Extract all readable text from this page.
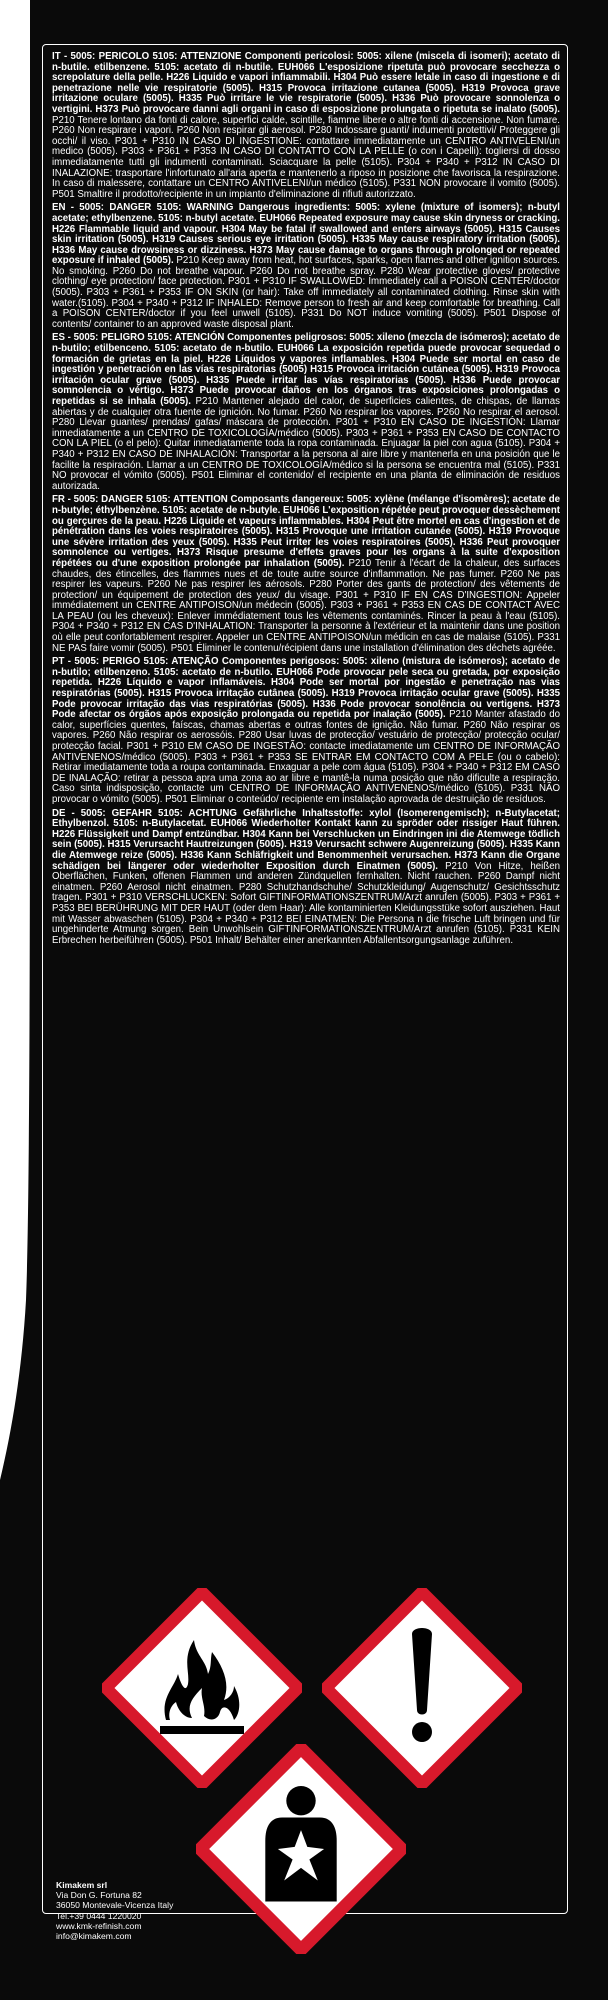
IT - 5005: PERICOLO 5105: ATTENZIONE Componenti pericolosi: 5005: xilene (miscela di isomeri); acetato di n-butile. etilbenzene. 5105: acetato di n-butile. EUH066 L'esposizione ripetuta può provocare secchezza o screpolature della pelle. H226 Liquido e vapori infiammabili. H304 Può essere letale in caso di ingestione e di penetrazione nelle vie respiratorie (5005). H315 Provoca irritazione cutanea (5005). H319 Provoca grave irritazione oculare (5005). H335 Può irritare le vie respiratorie (5005). H336 Può provocare sonnolenza o vertigini. H373 Può provocare danni agli organi in caso di esposizione prolungata o ripetuta se inalato (5005). P210 Tenere lontano da fonti di calore, superfici calde, scintille, fiamme libere o altre fonti di accensione. Non fumare. P260 Non respirare i vapori. P260 Non respirar gli aerosol. P280 Indossare guanti/ indumenti protettivi/ Proteggere gli occhi/ il viso. P301 + P310 IN CASO DI INGESTIONE: contattare immediatamente un CENTRO ANTIVELENI/un medico (5005). P303 + P361 + P353 IN CASO DI CONTATTO CON LA PELLE (o con i Capelli): togliersi di dosso immediatamente tutti gli indumenti contaminati. Sciacquare la pelle (5105). P304 + P340 + P312 IN CASO DI INALAZIONE: trasportare l'infortunato all'aria aperta e mantenerlo a riposo in posizione che favorisca la respirazione. In caso di malessere, contattare un CENTRO ANTIVELENI/un médico (5105). P331 NON provocare il vomito (5005). P501 Smaltire il prodotto/recipiente in un impianto d'eliminazione di rifiuti autorizzato.

EN - 5005: DANGER 5105: WARNING Dangerous ingredients: 5005: xylene (mixture of isomers); n-butyl acetate; ethylbenzene. 5105: n-butyl acetate. EUH066 Repeated exposure may cause skin dryness or cracking. H226 Flammable liquid and vapour. H304 May be fatal if swallowed and enters airways (5005). H315 Causes skin irritation (5005). H319 Causes serious eye irritation (5005). H335 May cause respiratory irritation (5005). H336 May cause drowsiness or dizziness. H373 May cause damage to organs through prolonged or repeated exposure if inhaled (5005). P210 Keep away from heat, hot surfaces, sparks, open flames and other ignition sources. No smoking. P260 Do not breathe vapour. P260 Do not breathe spray. P280 Wear protective gloves/ protective clothing/ eye protection/ face protection. P301 + P310 IF SWALLOWED: Immediately call a POISON CENTER/doctor (5005). P303 + P361 + P353 IF ON SKIN (or hair): Take off immediately all contaminated clothing. Rinse skin with water.(5105). P304 + P340 + P312 IF INHALED: Remove person to fresh air and keep comfortable for breathing. Call a POISON CENTER/doctor if you feel unwell (5105). P331 Do NOT induce vomiting (5005). P501 Dispose of contents/ container to an approved waste disposal plant.

ES - 5005: PELIGRO 5105: ATENCIÓN Componentes peligrosos: 5005: xileno (mezcla de isómeros); acetato de n-butilo; etilbenceno. 5105: acetato de n-butilo. EUH066 La exposición repetida puede provocar sequedad o formación de grietas en la piel. H226 Líquidos y vapores inflamables. H304 Puede ser mortal en caso de ingestión y penetración en las vías respiratorias (5005) H315 Provoca irritación cutánea (5005). H319 Provoca irritación ocular grave (5005). H335 Puede irritar las vías respiratorias (5005). H336 Puede provocar somnolencia o vértigo. H373 Puede provocar daños en los órganos tras exposiciones prolongadas o repetidas si se inhala (5005). P210 Mantener alejado del calor, de superficies calientes, de chispas, de llamas abiertas y de cualquier otra fuente de ignición. No fumar. P260 No respirar los vapores. P260 No respirar el aerosol. P280 Llevar guantes/ prendas/ gafas/ máscara de protección. P301 + P310 EN CASO DE INGESTIÓN: Llamar inmediatamente a un CENTRO DE TOXICOLOGÍA/médico (5005). P303 + P361 + P353 EN CASO DE CONTACTO CON LA PIEL (o el pelo): Quitar inmediatamente toda la ropa contaminada. Enjuagar la piel con agua (5105). P304 + P340 + P312 EN CASO DE INHALACIÓN: Transportar a la persona al aire libre y mantenerla en una posición que le facilite la respiración. Llamar a un CENTRO DE TOXICOLOGÍA/médico si la persona se encuentra mal (5105). P331 NO provocar el vómito (5005). P501 Eliminar el contenido/ el recipiente en una planta de eliminación de residuos autorizada.

FR - 5005: DANGER 5105: ATTENTION Composants dangereux: 5005: xylène (mélange d'isomères); acetate de n-butyle; éthylbenzène. 5105: acetate de n-butyle. EUH066 L'exposition répétée peut provoquer dessèchement ou gerçures de la peau. H226 Liquide et vapeurs inflammables. H304 Peut être mortel en cas d'ingestion et de pénétration dans les voies respiratoires (5005). H315 Provoque une irritation cutanée (5005). H319 Provoque une sévère irritation des yeux (5005). H335 Peut irriter les voies respiratoires (5005). H336 Peut provoquer somnolence ou vertiges. H373 Risque presume d'effets graves pour les organs à la suite d'exposition répétées ou d'une exposition prolongée par inhalation (5005). P210 Tenir à l'écart de la chaleur, des surfaces chaudes, des étincelles, des flammes nues et de toute autre source d'inflammation. Ne pas fumer. P260 Ne pas respirer les vapeurs. P260 Ne pas respirer les aérosols. P280 Porter des gants de protection/ des vêtements de protection/ un équipement de protection des yeux/ du visage. P301 + P310 IF EN CAS D'INGESTION: Appeler immédiatement un CENTRE ANTIPOISON/un médecin (5005). P303 + P361 + P353 EN CAS DE CONTACT AVEC LA PEAU (ou les cheveux): Enlever immédiatement tous les vêtements contaminés. Rincer la peau à l'eau (5105). P304 + P340 + P312 EN CAS D'INHALATION: Transporter la personne à l'extérieur et la maintenir dans une position où elle peut confortablement respirer. Appeler un CENTRE ANTIPOISON/un médicin en cas de malaise (5105). P331 NE PAS faire vomir (5005). P501 Éliminer le contenu/récipient dans une installation d'élimination des déchets agréée.

PT - 5005: PERIGO 5105: ATENÇÃO Componentes perigosos: 5005: xileno (mistura de isómeros); acetato de n-butilo; etilbenzeno. 5105: acetato de n-butilo. EUH066 Pode provocar pele seca ou gretada, por exposição repetida. H226 Líquido e vapor inflamáveis. H304 Pode ser mortal por ingestão e penetração nas vias respiratórias (5005). H315 Provoca irritação cutânea (5005). H319 Provoca irritação ocular grave (5005). H335 Pode provocar irritação das vias respiratórias (5005). H336 Pode provocar sonolência ou vertigens. H373 Pode afectar os órgãos após exposição prolongada ou repetida por inalação (5005). P210 Manter afastado do calor, superfícies quentes, faíscas, chamas abertas e outras fontes de ignição. Não fumar. P260 Não respirar os vapores. P260 Não respirar os aerossóis. P280 Usar luvas de protecção/ vestuário de protecção/ protecção ocular/ protecção facial. P301 + P310 EM CASO DE INGESTÃO: contacte imediatamente um CENTRO DE INFORMAÇÃO ANTIVENENOS/médico (5005). P303 + P361 + P353 SE ENTRAR EM CONTACTO COM A PELE (ou o cabelo): Retirar imediatamente toda a roupa contaminada. Enxaguar a pele com água (5105). P304 + P340 + P312 EM CASO DE INALAÇÃO: retirar a pessoa apra uma zona ao ar libre e mantê-la numa posição que não dificulte a respiração. Caso sinta indisposição, contacte um CENTRO DE INFORMAÇÃO ANTIVENENOS/médico (5105). P331 NÃO provocar o vómito (5005). P501 Eliminar o conteúdo/ recipiente em instalação aprovada de destruição de resíduos.

DE - 5005: GEFAHR 5105: ACHTUNG Gefährliche Inhaltsstoffe: xylol (Isomerengemisch); n-Butylacetat; Ethylbenzol. 5105: n-Butylacetat. EUH066 Wiederholter Kontakt kann zu spröder oder rissiger Haut führen. H226 Flüssigkeit und Dampf entzündbar. H304 Kann bei Verschlucken un Eindringen ini die Atemwege tödlich sein (5005). H315 Verursacht Hautreizungen (5005). H319 Verursacht schwere Augenreizung (5005). H335 Kann die Atemwege reize (5005). H336 Kann Schläfrigkeit und Benommenheit verursachen. H373 Kann die Organe schädigen bei längerer oder wiederholter Exposition durch Einatmen (5005). P210 Von Hitze, heißen Oberflächen, Funken, offenen Flammen und anderen Zündquellen fernhalten. Nicht rauchen. P260 Dampf nicht einatmen. P260 Aerosol nicht einatmen. P280 Schutzhandschuhe/ Schutzkleidung/ Augenschutz/ Gesichtsschutz tragen. P301 + P310 VERSCHLUCKEN: Sofort GIFTINFORMATIONSZENTRUM/Arzt anrufen (5005). P303 + P361 + P353 BEI BERÜHRUNG MIT DER HAUT (oder dem Haar): Alle kontaminierten Kleidungsstüke sofort ausziehen. Haut mit Wasser abwaschen (5105). P304 + P340 + P312 BEI EINATMEN: Die Persona n die frische Luft bringen und für ungehinderte Atmung sorgen. Bein Unwohlsein GIFTINFORMATIONSZENTRUM/Arzt anrufen (5105). P331 KEIN Erbrechen herbeiführen (5005). P501 Inhalt/ Behälter einer anerkannten Abfallentsorgungsanlage zuführen.

Kimakem srl
Via Don G. Fortuna 82
36050 Montevale-Vicenza Italy
Tel.+39 0444 1220020
www.kmk-refinish.com
info@kimakem.com
